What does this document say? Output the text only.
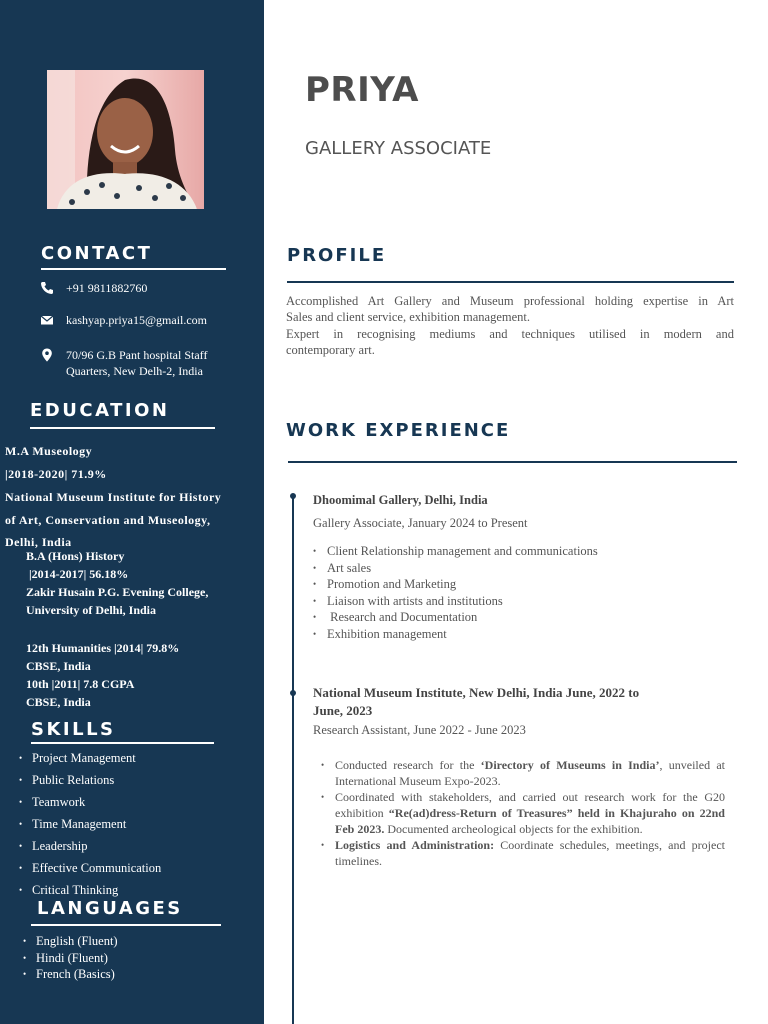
CONTACT
+91 9811882760
kashyap.priya15@gmail.com
70/96 G.B Pant hospital Staff
Quarters, New Delh-2, India
EDUCATION
M.A Museology
|2018-2020| 71.9%
National Museum Institute for History
of Art, Conservation and Museology,
Delhi, India
B.A (Hons) History
|2014-2017| 56.18%
Zakir Husain P.G. Evening College,
University of Delhi, India
12th Humanities |2014| 79.8%
CBSE, India
10th |2011| 7.8 CGPA
CBSE, India
SKILLS
• Project Management
• Public Relations
• Teamwork
• Time Management
• Leadership
• Effective Communication
• Critical Thinking
LANGUAGES
• English (Fluent)
• Hindi (Fluent)
• French (Basics)
PRIYA
GALLERY ASSOCIATE
PROFILE
Accomplished Art Gallery and Museum professional holding expertise in Art
Sales and client service, exhibition management.
Expert in recognising mediums and techniques utilised in modern and
contemporary art.
WORK EXPERIENCE
Dhoomimal Gallery, Delhi, India
Gallery Associate, January 2024 to Present
• Client Relationship management and communications
• Art sales
• Promotion and Marketing
• Liaison with artists and institutions
•  Research and Documentation
• Exhibition management
National Museum Institute, New Delhi, India June, 2022 to
June, 2023
Research Assistant, June 2022 - June 2023
• Conducted research for the ‘Directory of Museums in India’, unveiled at International Museum Expo-2023.
• Coordinated with stakeholders, and carried out research work for the G20 exhibition “Re(ad)dress-Return of Treasures” held in Khajuraho on 22nd Feb 2023. Documented archeological objects for the exhibition.
• Logistics and Administration: Coordinate schedules, meetings, and project timelines.
